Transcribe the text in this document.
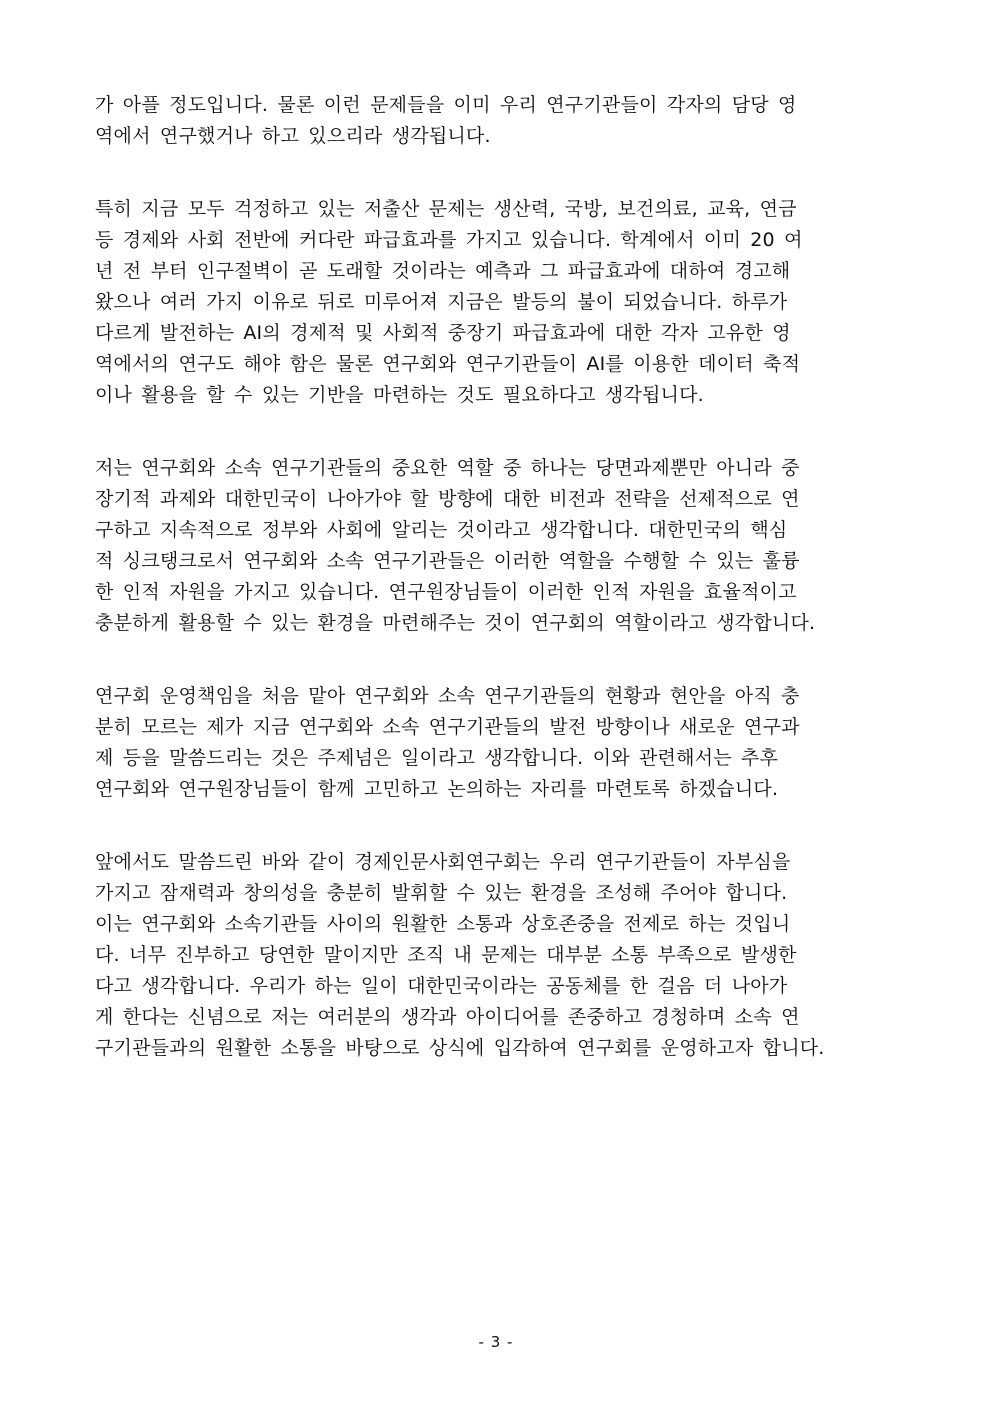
가 아플 정도입니다. 물론 이런 문제들을 이미 우리 연구기관들이 각자의 담당 영
역에서 연구했거나 하고 있으리라 생각됩니다.

특히 지금 모두 걱정하고 있는 저출산 문제는 생산력, 국방, 보건의료, 교육, 연금
등 경제와 사회 전반에 커다란 파급효과를 가지고 있습니다. 학계에서 이미 20 여
년 전 부터 인구절벽이 곧 도래할 것이라는 예측과 그 파급효과에 대하여 경고해
왔으나 여러 가지 이유로 뒤로 미루어져 지금은 발등의 불이 되었습니다. 하루가
다르게 발전하는 AI의 경제적 및 사회적 중장기 파급효과에 대한 각자 고유한 영
역에서의 연구도 해야 함은 물론 연구회와 연구기관들이 AI를 이용한 데이터 축적
이나 활용을 할 수 있는 기반을 마련하는 것도 필요하다고 생각됩니다.

저는 연구회와 소속 연구기관들의 중요한 역할 중 하나는 당면과제뿐만 아니라 중
장기적 과제와 대한민국이 나아가야 할 방향에 대한 비전과 전략을 선제적으로 연
구하고 지속적으로 정부와 사회에 알리는 것이라고 생각합니다. 대한민국의 핵심
적 싱크탱크로서 연구회와 소속 연구기관들은 이러한 역할을 수행할 수 있는 훌륭
한 인적 자원을 가지고 있습니다. 연구원장님들이 이러한 인적 자원을 효율적이고
충분하게 활용할 수 있는 환경을 마련해주는 것이 연구회의 역할이라고 생각합니다.

연구회 운영책임을 처음 맡아 연구회와 소속 연구기관들의 현황과 현안을 아직 충
분히 모르는 제가 지금 연구회와 소속 연구기관들의 발전 방향이나 새로운 연구과
제 등을 말씀드리는 것은 주제넘은 일이라고 생각합니다. 이와 관련해서는 추후
연구회와 연구원장님들이 함께 고민하고 논의하는 자리를 마련토록 하겠습니다.

앞에서도 말씀드린 바와 같이 경제인문사회연구회는 우리 연구기관들이 자부심을
가지고 잠재력과 창의성을 충분히 발휘할 수 있는 환경을 조성해 주어야 합니다.
이는 연구회와 소속기관들 사이의 원활한 소통과 상호존중을 전제로 하는 것입니
다. 너무 진부하고 당연한 말이지만 조직 내 문제는 대부분 소통 부족으로 발생한
다고 생각합니다. 우리가 하는 일이 대한민국이라는 공동체를 한 걸음 더 나아가
게 한다는 신념으로 저는 여러분의 생각과 아이디어를 존중하고 경청하며 소속 연
구기관들과의 원활한 소통을 바탕으로 상식에 입각하여 연구회를 운영하고자 합니다.

- 3 -
